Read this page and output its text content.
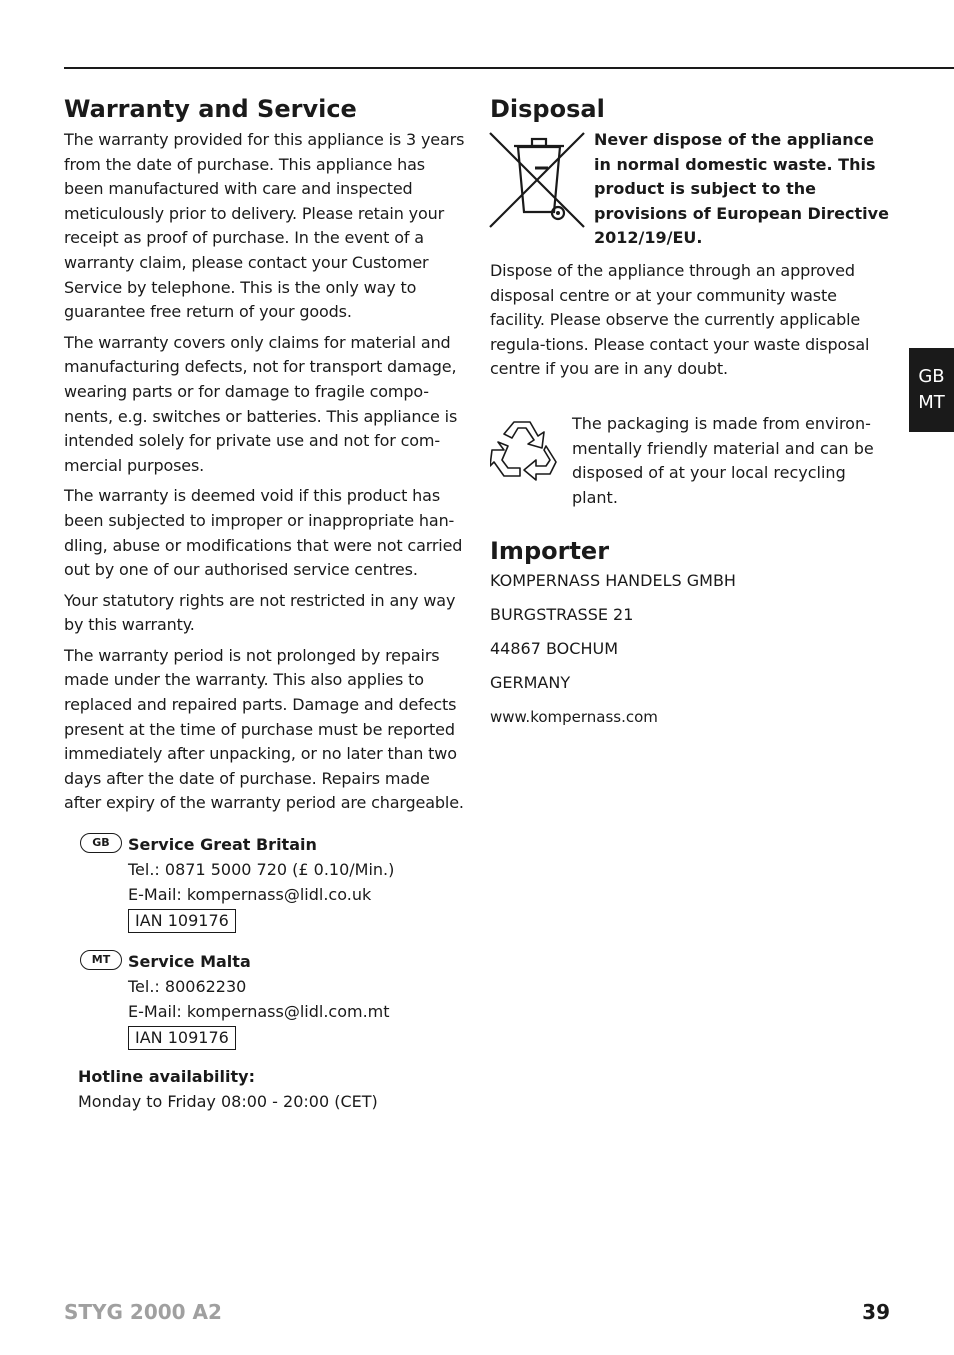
Warranty and Service

The warranty provided for this appliance is 3 years from the date of purchase. This appliance has been manufactured with care and inspected meticulously prior to delivery. Please retain your receipt as proof of purchase. In the event of a warranty claim, please contact your Customer Service by telephone. This is the only way to guarantee free return of your goods.

The warranty covers only claims for material and manufacturing defects, not for transport damage, wearing parts or for damage to fragile compo-nents, e.g. switches or batteries. This appliance is intended solely for private use and not for com-mercial purposes.

The warranty is deemed void if this product has been subjected to improper or inappropriate han-dling, abuse or modifications that were not carried out by one of our authorised service centres.

Your statutory rights are not restricted in any way by this warranty.

The warranty period is not prolonged by repairs made under the warranty. This also applies to replaced and repaired parts. Damage and defects present at the time of purchase must be reported immediately after unpacking, or no later than two days after the date of purchase. Repairs made after expiry of the warranty period are chargeable.

GB	Service Great Britain
Tel.: 0871 5000 720 (£ 0.10/Min.)
E-Mail: kompernass@lidl.co.uk
IAN 109176
MT	Service Malta
Tel.: 80062230
E-Mail: kompernass@lidl.com.mt
IAN 109176
Hotline availability:
Monday to Friday 08:00 - 20:00 (CET)
Disposal

Never dispose of the appliance in normal domestic waste. This product is subject to the provisions of European Directive 2012/19/EU.

Dispose of the appliance through an approved disposal centre or at your community waste facility. Please observe the currently applicable regula-tions. Please contact your waste disposal centre if you are in any doubt.

The packaging is made from environ-mentally friendly material and can be disposed of at your local recycling plant.

Importer
KOMPERNASS HANDELS GMBH
BURGSTRASSE 21
44867 BOCHUM
GERMANY
www.kompernass.com
GB
MT
STYG 2000 A2	39
